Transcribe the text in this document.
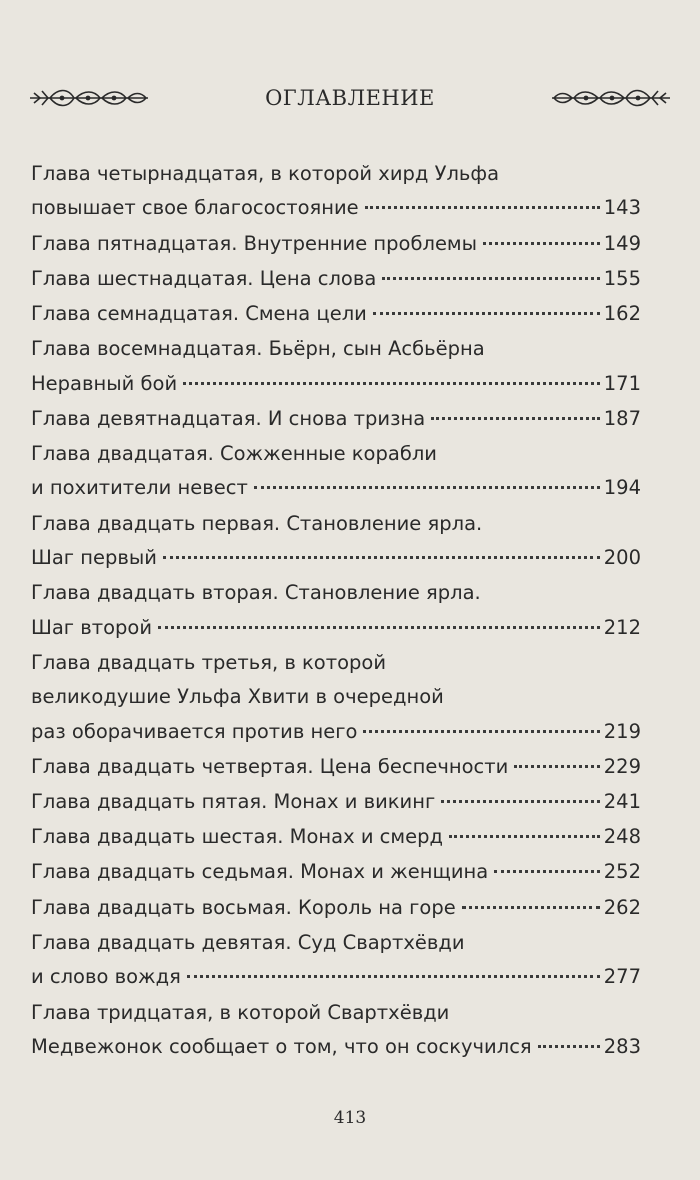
ОГЛАВЛЕНИЕ
Глава четырнадцатая, в которой хирд Ульфа
повышает свое благосостояние	143
Глава пятнадцатая. Внутренние проблемы	149
Глава шестнадцатая. Цена слова	155
Глава семнадцатая. Смена цели	162
Глава восемнадцатая. Бьёрн, сын Асбьёрна
Неравный бой	171
Глава девятнадцатая. И снова тризна	187
Глава двадцатая. Сожженные корабли
и похитители невест	194
Глава двадцать первая. Становление ярла.
Шаг первый	200
Глава двадцать вторая. Становление ярла.
Шаг второй	212
Глава двадцать третья, в которой
великодушие Ульфа Хвити в очередной
раз оборачивается против него	219
Глава двадцать четвертая. Цена беспечности	229
Глава двадцать пятая. Монах и викинг	241
Глава двадцать шестая. Монах и смерд	248
Глава двадцать седьмая. Монах и женщина	252
Глава двадцать восьмая. Король на горе	262
Глава двадцать девятая. Суд Свартхёвди
и слово вождя	277
Глава тридцатая, в которой Свартхёвди
Медвежонок сообщает о том, что он соскучился	283
413
